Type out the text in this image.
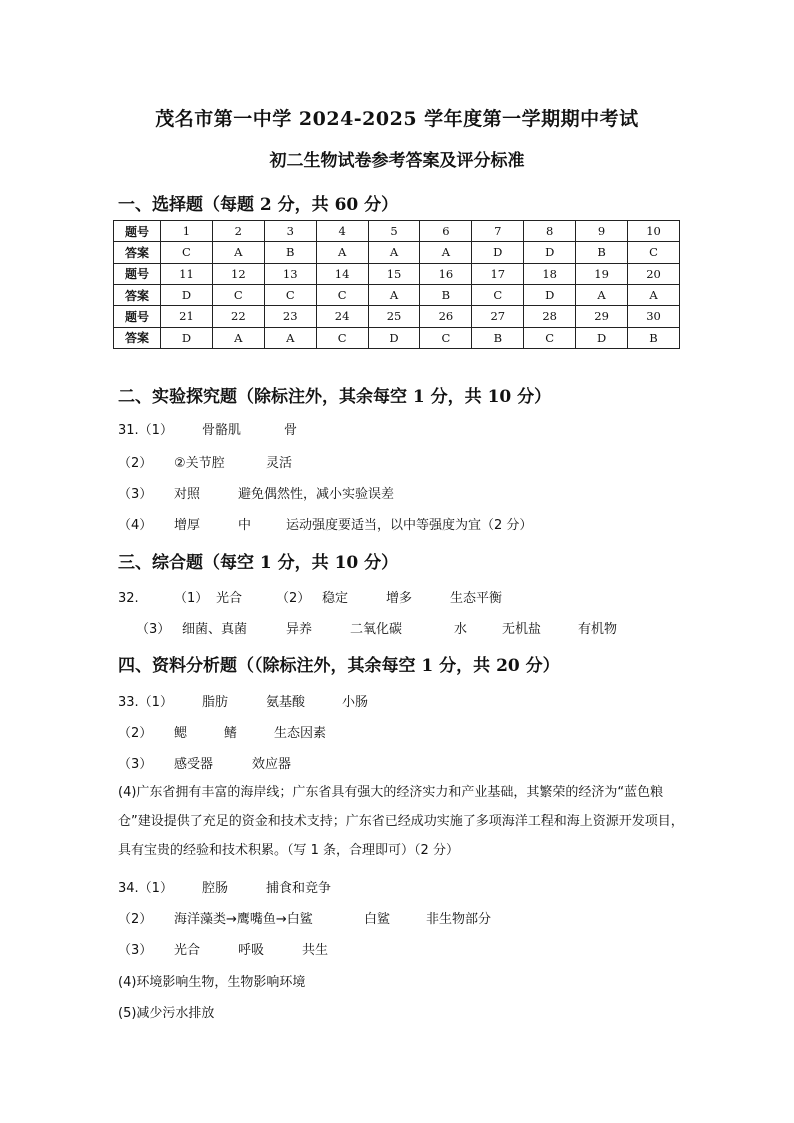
茂名市第一中学 2024-2025 学年度第一学期期中考试
初二生物试卷参考答案及评分标准
一、选择题（每题 2 分，共 60 分）
题号	1	2	3	4	5	6	7	8	9	10
答案	C	A	B	A	A	A	D	D	B	C
题号	11	12	13	14	15	16	17	18	19	20
答案	D	C	C	C	A	B	C	D	A	A
题号	21	22	23	24	25	26	27	28	29	30
答案	D	A	A	C	D	C	B	C	D	B
二、实验探究题（除标注外，其余每空 1 分，共 10 分）
31.（1） 骨骼肌	骨
（2） ②关节腔	灵活
（3） 对照	避免偶然性，减小实验误差
（4） 增厚	中	运动强度要适当，以中等强度为宜（2 分）
三、综合题（每空 1 分，共 10 分）
32.	（1） 光合	（2） 稳定	增多	生态平衡
（3） 细菌、真菌	异养	二氧化碳	水	无机盐	有机物
四、资料分析题（（除标注外，其余每空 1 分，共 20 分）
33.（1） 脂肪	氨基酸	小肠
（2） 鳃	鳍	生态因素
（3） 感受器	效应器
(4)广东省拥有丰富的海岸线；广东省具有强大的经济实力和产业基础，其繁荣的经济为“蓝色粮仓”建设提供了充足的资金和技术支持；广东省已经成功实施了多项海洋工程和海上资源开发项目，具有宝贵的经验和技术积累。（写 1 条，合理即可）（2 分）
34.（1） 腔肠	捕食和竞争
（2） 海洋藻类→鹰嘴鱼→白鲨	白鲨	非生物部分
（3） 光合	呼吸	共生
(4)环境影响生物，生物影响环境
(5)减少污水排放
